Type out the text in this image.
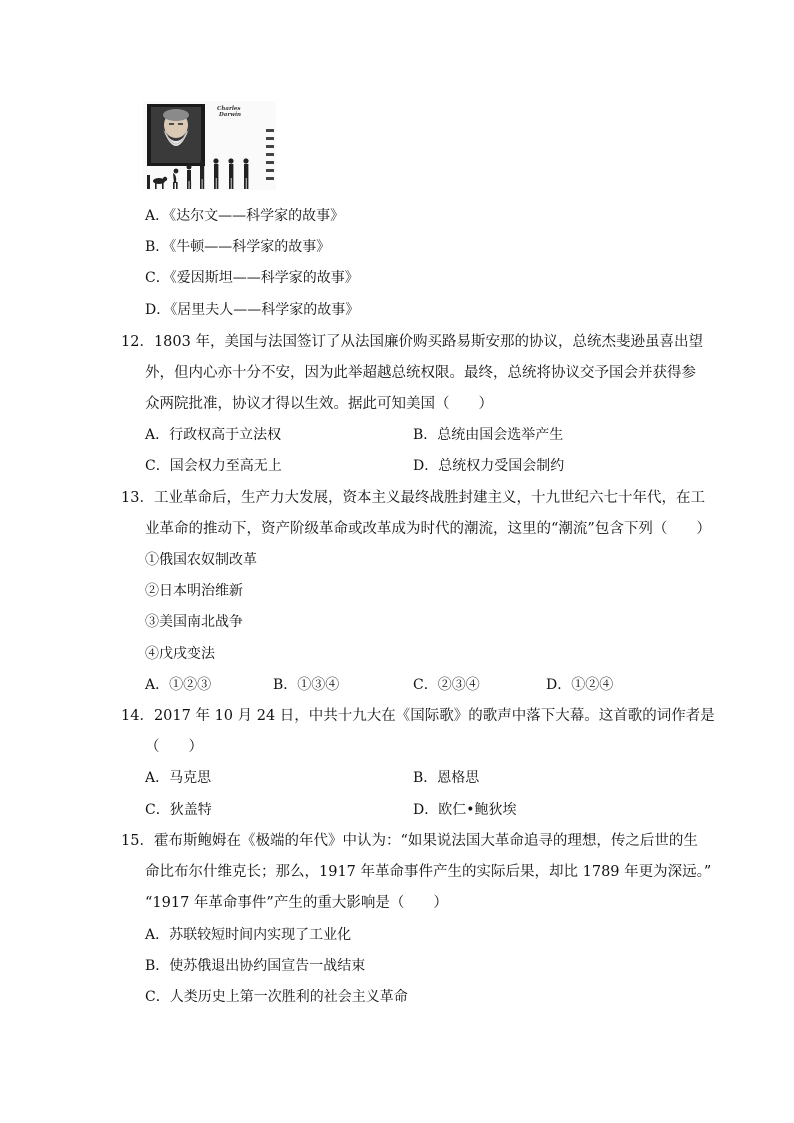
Charles
Darwin
A．《达尔文——科学家的故事》
B．《牛顿——科学家的故事》
C．《爱因斯坦——科学家的故事》
D．《居里夫人——科学家的故事》
12．1803 年，美国与法国签订了从法国廉价购买路易斯安那的协议，总统杰斐逊虽喜出望
外，但内心亦十分不安，因为此举超越总统权限。最终，总统将协议交予国会并获得参
众两院批准，协议才得以生效。据此可知美国（　　）
A．行政权高于立法权	B．总统由国会选举产生
C．国会权力至高无上	D．总统权力受国会制约
13．工业革命后，生产力大发展，资本主义最终战胜封建主义，十九世纪六七十年代，在工
业革命的推动下，资产阶级革命或改革成为时代的潮流，这里的“潮流”包含下列（　　）
①俄国农奴制改革
②日本明治维新
③美国南北战争
④戊戌变法
A．①②③	B．①③④	C．②③④	D．①②④
14．2017 年 10 月 24 日，中共十九大在《国际歌》的歌声中落下大幕。这首歌的词作者是
（　　）
A．马克思	B．恩格思
C．狄盖特	D．欧仁•鲍狄埃
15．霍布斯鲍姆在《极端的年代》中认为：“如果说法国大革命追寻的理想，传之后世的生
命比布尔什维克长；那么，1917 年革命事件产生的实际后果，却比 1789 年更为深远。”
“1917 年革命事件”产生的重大影响是（　　）
A．苏联较短时间内实现了工业化
B．使苏俄退出协约国宣告一战结束
C．人类历史上第一次胜利的社会主义革命
